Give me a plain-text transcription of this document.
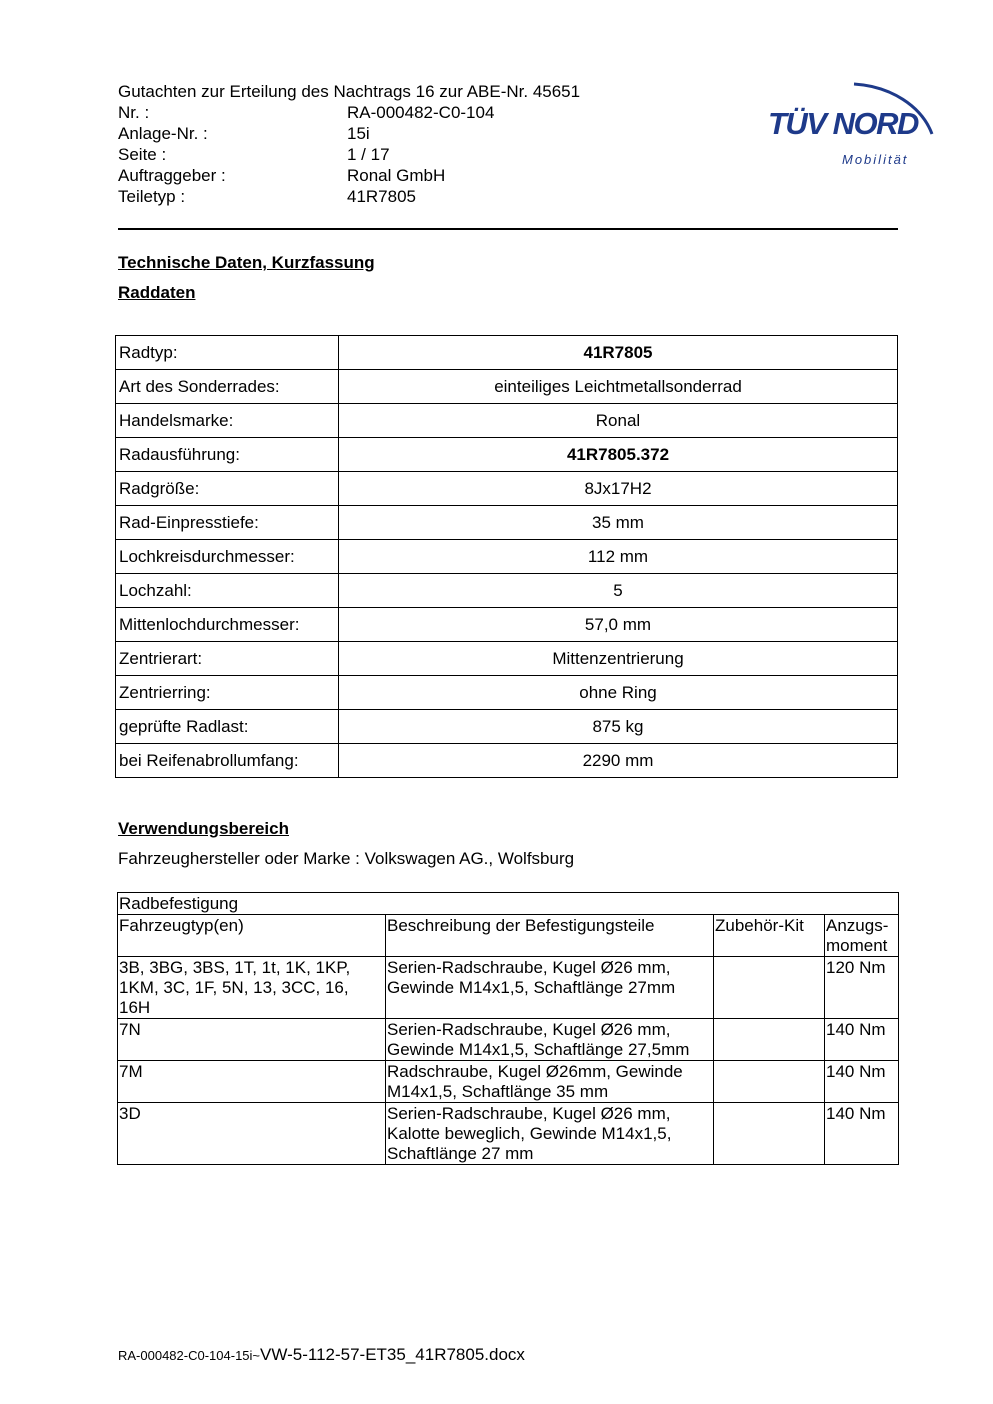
Gutachten zur Erteilung des Nachtrags 16 zur ABE-Nr. 45651
Nr. :	RA-000482-C0-104
Anlage-Nr. :	15i
Seite :	1 / 17
Auftraggeber :	Ronal GmbH
Teiletyp :	41R7805
TÜV NORD
Mobilität
Technische Daten, Kurzfassung
Raddaten
Radtyp:	41R7805
Art des Sonderrades:	einteiliges Leichtmetallsonderrad
Handelsmarke:	Ronal
Radausführung:	41R7805.372
Radgröße:	8Jx17H2
Rad-Einpresstiefe:	35 mm
Lochkreisdurchmesser:	112 mm
Lochzahl:	5
Mittenlochdurchmesser:	57,0 mm
Zentrierart:	Mittenzentrierung
Zentrierring:	ohne Ring
geprüfte Radlast:	875 kg
bei Reifenabrollumfang:	2290 mm
Verwendungsbereich
Fahrzeughersteller oder Marke : Volkswagen AG., Wolfsburg
Radbefestigung			
Fahrzeugtyp(en)	Beschreibung der Befestigungsteile	Zubehör-Kit	Anzugs-
moment
3B, 3BG, 3BS, 1T, 1t, 1K, 1KP,
1KM, 3C, 1F, 5N, 13, 3CC, 16,
16H	Serien-Radschraube, Kugel Ø26 mm,
Gewinde M14x1,5, Schaftlänge 27mm		120 Nm
7N	Serien-Radschraube, Kugel Ø26 mm,
Gewinde M14x1,5, Schaftlänge 27,5mm		140 Nm
7M	Radschraube, Kugel Ø26mm, Gewinde
M14x1,5, Schaftlänge 35 mm		140 Nm
3D	Serien-Radschraube, Kugel Ø26 mm,
Kalotte beweglich, Gewinde M14x1,5,
Schaftlänge 27 mm		140 Nm
RA-000482-C0-104-15i~VW-5-112-57-ET35_41R7805.docx
